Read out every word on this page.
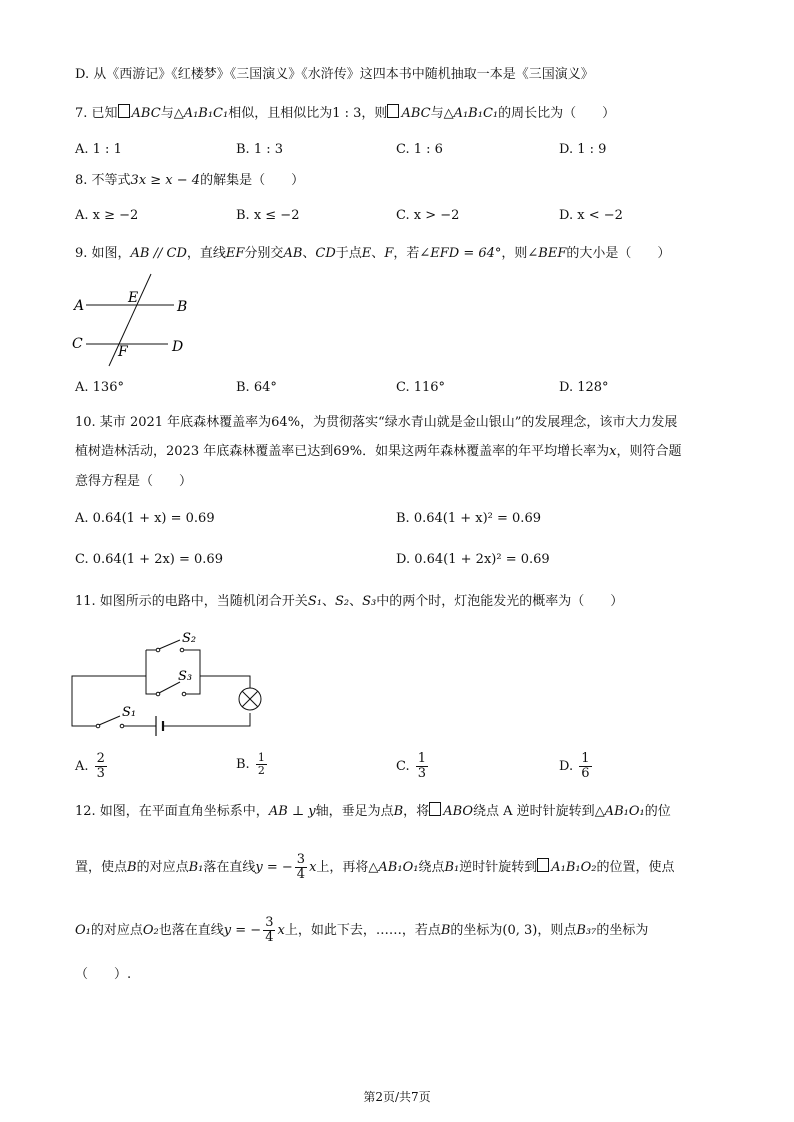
D. 从《西游记》《红楼梦》《三国演义》《水浒传》这四本书中随机抽取一本是《三国演义》
7. 已知 ABC与△A₁B₁C₁相似，且相似比为1 : 3，则 ABC与△A₁B₁C₁的周长比为（　　）
A. 1 : 1	B. 1 : 3	C. 1 : 6	D. 1 : 9
8. 不等式3x ≥ x − 4的解集是（　　）
A. x ≥ −2	B. x ≤ −2	C. x > −2	D. x < −2
9. 如图，AB // CD，直线EF分别交AB、CD于点E、F，若∠EFD = 64°，则∠BEF的大小是（　　）
A	B
C	D
E
F
A. 136°	B. 64°	C. 116°	D. 128°
10. 某市 2021 年底森林覆盖率为64%，为贯彻落实“绿水青山就是金山银山”的发展理念，该市大力发展
植树造林活动，2023 年底森林覆盖率已达到69%．如果这两年森林覆盖率的年平均增长率为x，则符合题
意得方程是（　　）
A. 0.64(1 + x) = 0.69	B. 0.64(1 + x)² = 0.69
C. 0.64(1 + 2x) = 0.69	D. 0.64(1 + 2x)² = 0.69
11. 如图所示的电路中，当随机闭合开关S₁、S₂、S₃中的两个时，灯泡能发光的概率为（　　）
S₂
S₃
S₁
A. $\frac{2}{3}$	B. $\frac{1}{2}$	C. $\frac{1}{3}$	D. $\frac{1}{6}$
12. 如图，在平面直角坐标系中，AB ⊥ y轴，垂足为点B，将 ABO绕点 A 逆时针旋转到△AB₁O₁的位
置，使点B的对应点B₁落在直线y = − $\frac{3}{4}$ x上，再将△AB₁O₁绕点B₁逆时针旋转到 A₁B₁O₂的位置，使点
O₁的对应点O₂也落在直线y = − $\frac{3}{4}$ x上，如此下去，……，若点B的坐标为(0, 3)，则点B₃₇的坐标为
（　　）.
第2页/共7页
